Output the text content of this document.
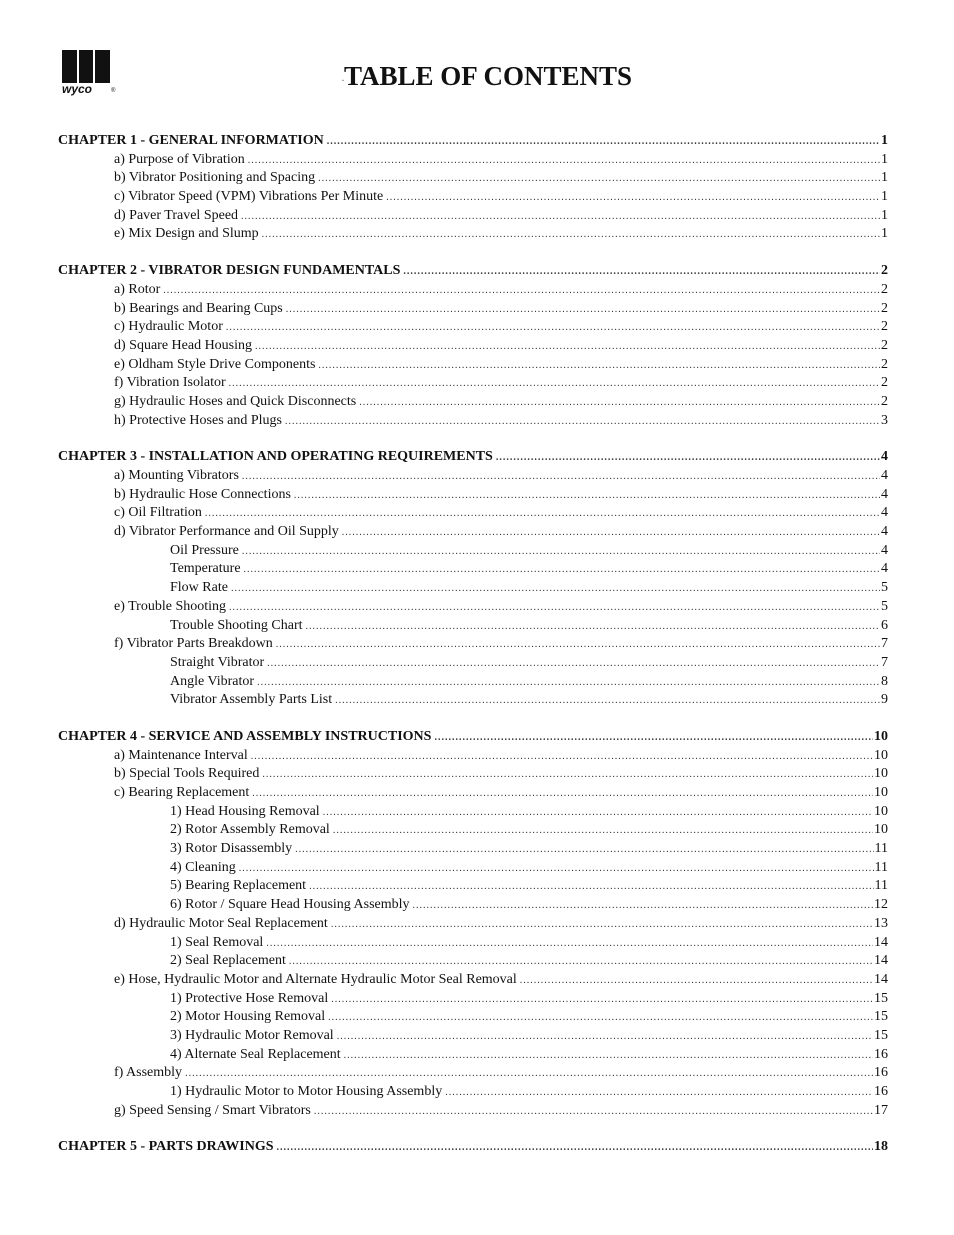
wyco	®
.TABLE OF CONTENTS
CHAPTER 1 - GENERAL INFORMATION .....	1
a) Purpose of Vibration .....	1
b) Vibrator Positioning and Spacing .....	1
c) Vibrator Speed (VPM) Vibrations Per Minute .....	1
d) Paver Travel Speed .....	1
e) Mix Design and Slump .....	1
CHAPTER 2 - VIBRATOR DESIGN FUNDAMENTALS .....	2
a) Rotor .....	2
b) Bearings and Bearing Cups .....	2
c) Hydraulic Motor .....	2
d) Square Head Housing .....	2
e) Oldham Style Drive Components .....	2
f) Vibration Isolator .....	2
g) Hydraulic Hoses and Quick Disconnects .....	2
h) Protective Hoses and Plugs .....	3
CHAPTER 3 - INSTALLATION AND OPERATING REQUIREMENTS .....	4
a) Mounting Vibrators .....	4
b) Hydraulic Hose Connections .....	4
c) Oil Filtration .....	4
d) Vibrator Performance and Oil Supply .....	4
Oil Pressure .....	4
Temperature .....	4
Flow Rate .....	5
e) Trouble Shooting .....	5
Trouble Shooting Chart .....	6
f) Vibrator Parts Breakdown .....	7
Straight Vibrator .....	7
Angle Vibrator .....	8
Vibrator Assembly Parts List .....	9
CHAPTER 4 - SERVICE AND ASSEMBLY INSTRUCTIONS .....	10
a) Maintenance Interval .....	10
b) Special Tools Required .....	10
c) Bearing Replacement .....	10
1) Head Housing Removal .....	10
2) Rotor Assembly Removal .....	10
3) Rotor Disassembly .....	11
4) Cleaning .....	11
5) Bearing Replacement .....	11
6) Rotor / Square Head Housing Assembly .....	12
d) Hydraulic Motor Seal Replacement .....	13
1) Seal Removal .....	14
2) Seal Replacement .....	14
e) Hose, Hydraulic Motor and Alternate Hydraulic Motor Seal Removal .....	14
1) Protective Hose Removal .....	15
2) Motor Housing Removal .....	15
3) Hydraulic Motor Removal .....	15
4) Alternate Seal Replacement .....	16
f) Assembly .....	16
1) Hydraulic Motor to Motor Housing Assembly .....	16
g) Speed Sensing / Smart Vibrators .....	17
CHAPTER 5 - PARTS DRAWINGS .....	18
